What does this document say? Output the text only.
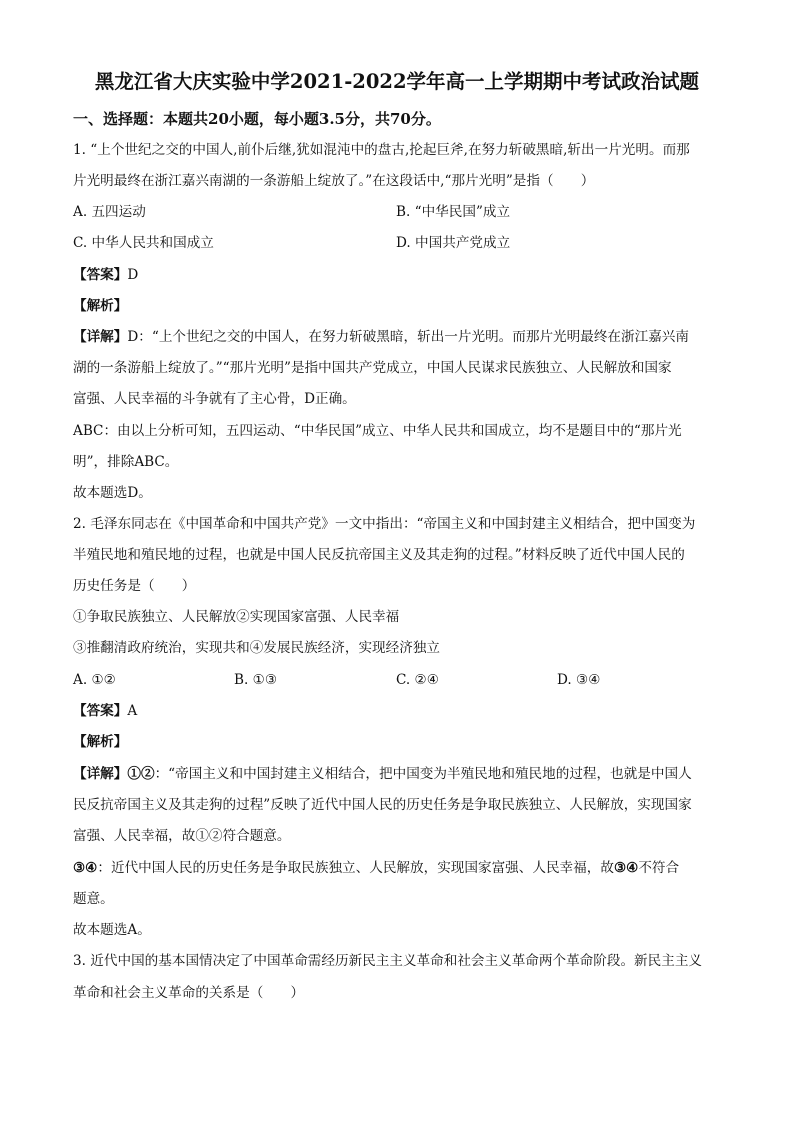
黑龙江省大庆实验中学2021-2022学年高一上学期期中考试政治试题
一、选择题：本题共20小题，每小题3.5分，共70分。
1. “上个世纪之交的中国人,前仆后继,犹如混沌中的盘古,抡起巨斧,在努力斩破黑暗,斩出一片光明。而那
片光明最终在浙江嘉兴南湖的一条游船上绽放了。”在这段话中,“那片光明”是指（　　）
A. 五四运动	B. “中华民国”成立
C. 中华人民共和国成立	D. 中国共产党成立
【答案】D
【解析】
【详解】D：“上个世纪之交的中国人，在努力斩破黑暗，斩出一片光明。而那片光明最终在浙江嘉兴南
湖的一条游船上绽放了。”“那片光明”是指中国共产党成立，中国人民谋求民族独立、人民解放和国家
富强、人民幸福的斗争就有了主心骨，D正确。
ABC：由以上分析可知，五四运动、“中华民国”成立、中华人民共和国成立，均不是题目中的“那片光
明”，排除ABC。
故本题选D。
2. 毛泽东同志在《中国革命和中国共产党》一文中指出：“帝国主义和中国封建主义相结合，把中国变为
半殖民地和殖民地的过程，也就是中国人民反抗帝国主义及其走狗的过程。”材料反映了近代中国人民的
历史任务是（　　）
①争取民族独立、人民解放②实现国家富强、人民幸福
③推翻清政府统治，实现共和④发展民族经济，实现经济独立
A. ①②	B. ①③	C. ②④	D. ③④
【答案】A
【解析】
【详解】①②：“帝国主义和中国封建主义相结合，把中国变为半殖民地和殖民地的过程，也就是中国人
民反抗帝国主义及其走狗的过程”反映了近代中国人民的历史任务是争取民族独立、人民解放，实现国家
富强、人民幸福，故①②符合题意。
③④：近代中国人民的历史任务是争取民族独立、人民解放，实现国家富强、人民幸福，故③④不符合
题意。
故本题选A。
3. 近代中国的基本国情决定了中国革命需经历新民主主义革命和社会主义革命两个革命阶段。新民主主义
革命和社会主义革命的关系是（　　）
